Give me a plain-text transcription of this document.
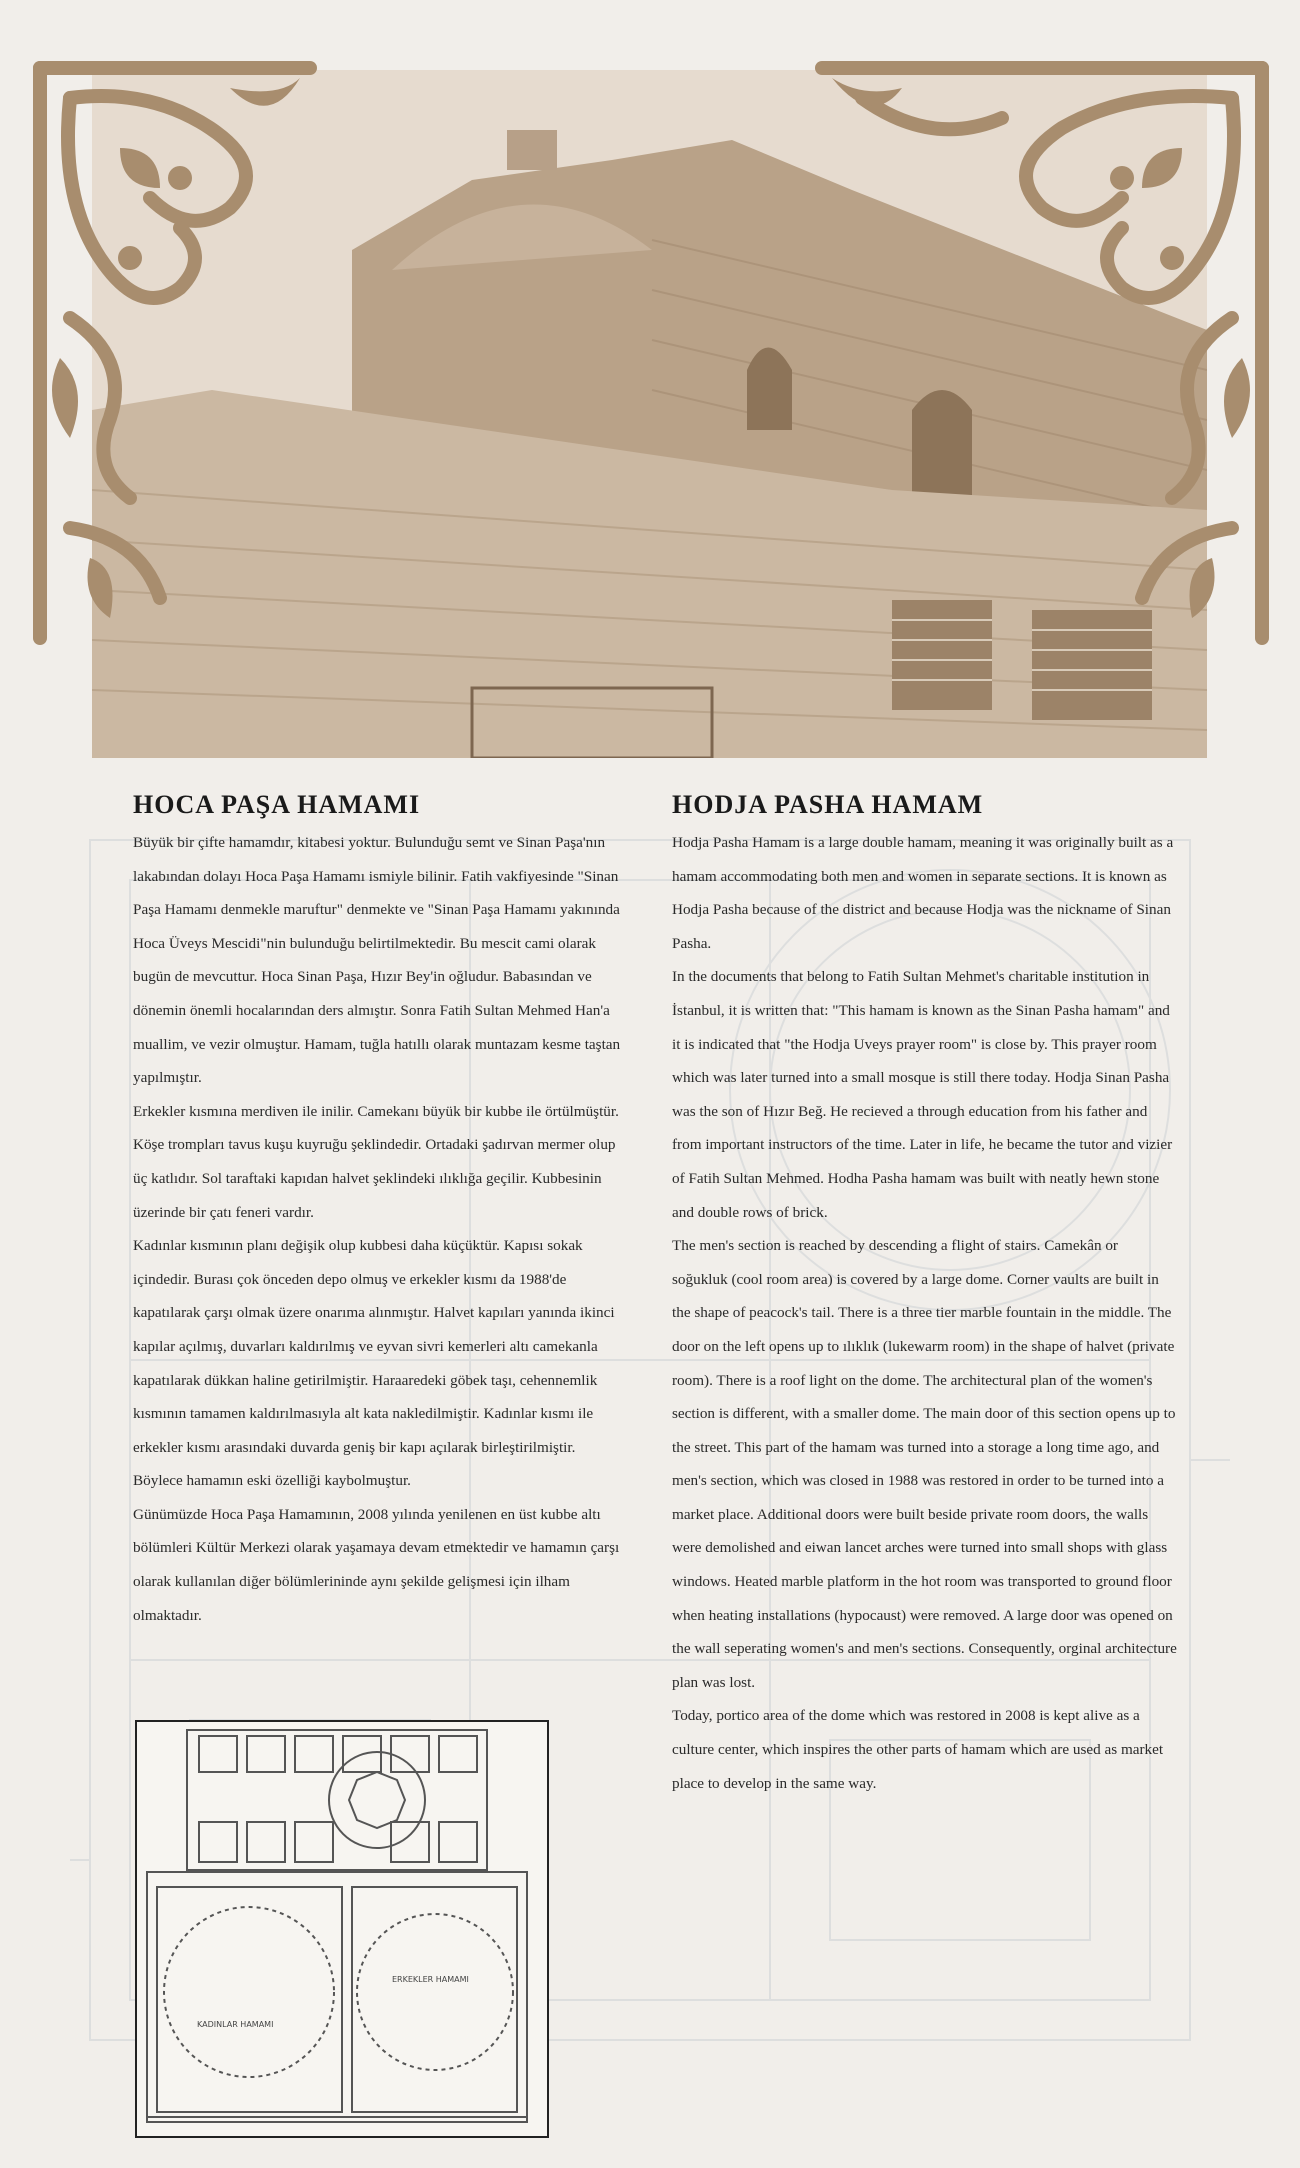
HOCA PAŞA HAMAMI

Büyük bir çifte hamamdır, kitabesi yoktur. Bulunduğu semt ve Sinan Paşa'nın lakabından dolayı Hoca Paşa Hamamı ismiyle bilinir. Fatih vakfiyesinde "Sinan Paşa Hamamı denmekle maruftur" denmekte ve "Sinan Paşa Hamamı yakınında Hoca Üveys Mescidi"nin bulunduğu belirtilmektedir. Bu mescit cami olarak bugün de mevcuttur. Hoca Sinan Paşa, Hızır Bey'in oğludur. Babasından ve dönemin önemli hocalarından ders almıştır. Sonra Fatih Sultan Mehmed Han'a muallim, ve vezir olmuştur. Hamam, tuğla hatıllı olarak muntazam kesme taştan yapılmıştır.

Erkekler kısmına merdiven ile inilir. Camekanı büyük bir kubbe ile örtülmüştür. Köşe trompları tavus kuşu kuyruğu şeklindedir. Ortadaki şadırvan mermer olup üç katlıdır. Sol taraftaki kapıdan halvet şeklindeki ılıklığa geçilir. Kubbesinin üzerinde bir çatı feneri vardır.

Kadınlar kısmının planı değişik olup kubbesi daha küçüktür. Kapısı sokak içindedir. Burası çok önceden depo olmuş ve erkekler kısmı da 1988'de kapatılarak çarşı olmak üzere onarıma alınmıştır. Halvet kapıları yanında ikinci kapılar açılmış, duvarları kaldırılmış ve eyvan sivri kemerleri altı camekanla kapatılarak dükkan haline getirilmiştir. Haraaredeki göbek taşı, cehennemlik kısmının tamamen kaldırılmasıyla alt kata nakledilmiştir. Kadınlar kısmı ile erkekler kısmı arasındaki duvarda geniş bir kapı açılarak birleştirilmiştir. Böylece hamamın eski özelliği kaybolmuştur.

Günümüzde Hoca Paşa Hamamının, 2008 yılında yenilenen en üst kubbe altı bölümleri Kültür Merkezi olarak yaşamaya devam etmektedir ve hamamın çarşı olarak kullanılan diğer bölümlerininde aynı şekilde gelişmesi için ilham olmaktadır.

HODJA PASHA HAMAM

Hodja Pasha Hamam is a large double hamam, meaning it was originally built as a hamam accommodating both men and women in separate sections. It is known as Hodja Pasha because of the district and because Hodja was the nickname of Sinan Pasha.

In the documents that belong to Fatih Sultan Mehmet's charitable institution in İstanbul, it is written that: "This hamam is known as the Sinan Pasha hamam" and it is indicated that "the Hodja Uveys prayer room" is close by. This prayer room which was later turned into a small mosque is still there today. Hodja Sinan Pasha was the son of Hızır Beğ. He recieved a through education from his father and from important instructors of the time. Later in life, he became the tutor and vizier of Fatih Sultan Mehmed. Hodha Pasha hamam was built with neatly hewn stone and double rows of brick.

The men's section is reached by descending a flight of stairs. Camekân or soğukluk (cool room area) is covered by a large dome. Corner vaults are built in the shape of peacock's tail. There is a three tier marble fountain in the middle. The door on the left opens up to ılıklık (lukewarm room) in the shape of halvet (private room). There is a roof light on the dome. The architectural plan of the women's section is different, with a smaller dome. The main door of this section opens up to the street. This part of the hamam was turned into a storage a long time ago, and men's section, which was closed in 1988 was restored in order to be turned into a market place. Additional doors were built beside private room doors, the walls were demolished and eiwan lancet arches were turned into small shops with glass windows. Heated marble platform in the hot room was transported to ground floor when heating installations (hypocaust) were removed. A large door was opened on the wall seperating women's and men's sections. Consequently, orginal architecture plan was lost.

Today, portico area of the dome which was restored in 2008 is kept alive as a culture center, which inspires the other parts of hamam which are used as market place to develop in the same way.

KADINLAR HAMAMI
ERKEKLER HAMAMI
